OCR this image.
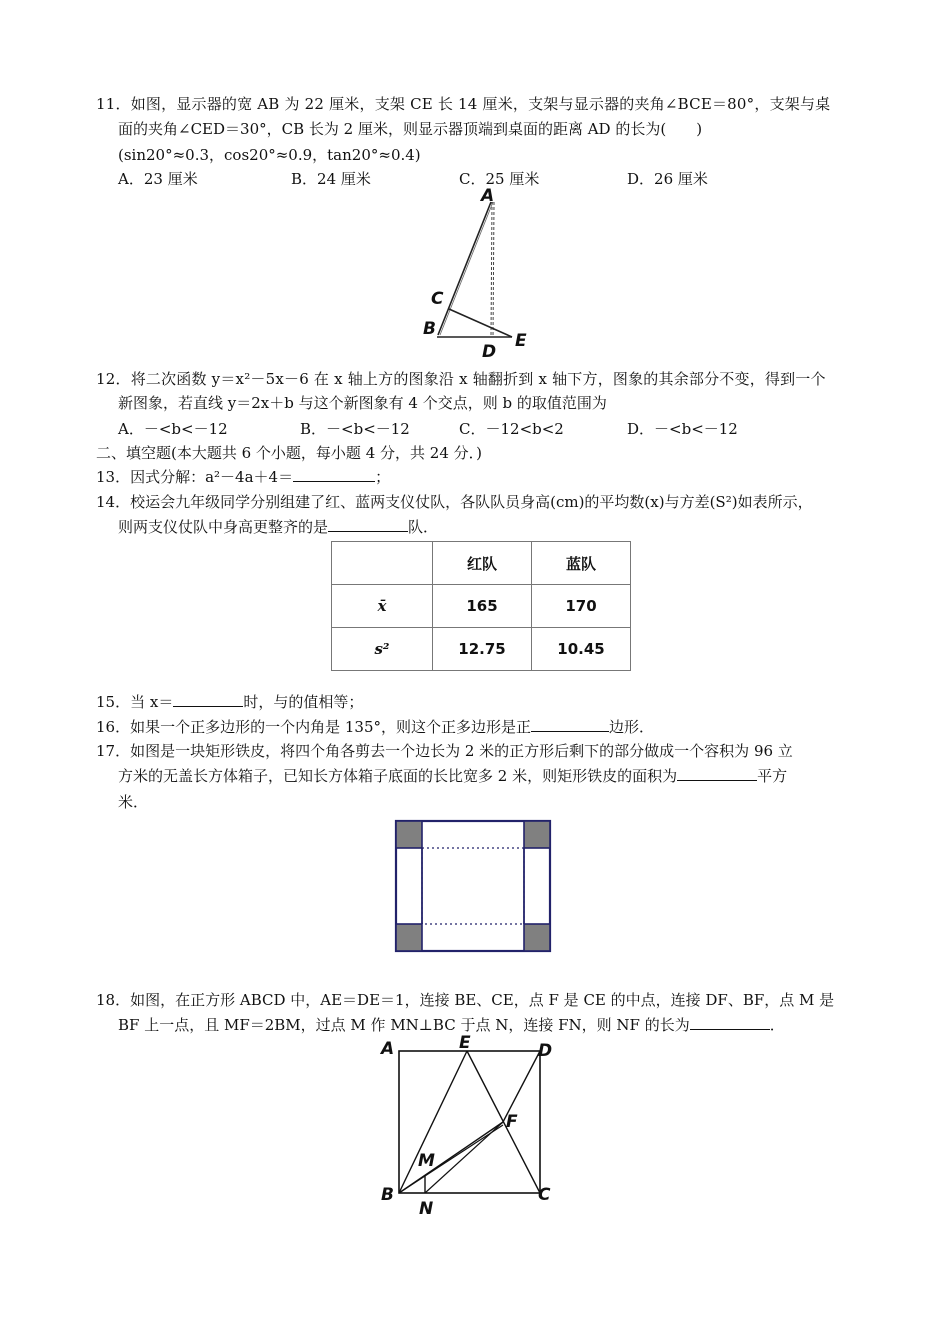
11．如图，显示器的宽 AB 为 22 厘米，支架 CE 长 14 厘米，支架与显示器的夹角∠BCE＝80°，支架与桌
面的夹角∠CED＝30°，CB 长为 2 厘米，则显示器顶端到桌面的距离 AD 的长为(　　)
(sin20°≈0.3，cos20°≈0.9，tan20°≈0.4)
A．23 厘米	B．24 厘米	C．25 厘米	D．26 厘米
A
C
B
D
E
12．将二次函数 y＝x²－5x－6 在 x 轴上方的图象沿 x 轴翻折到 x 轴下方，图象的其余部分不变，得到一个
新图象，若直线 y＝2x＋b 与这个新图象有 4 个交点，则 b 的取值范围为
A．－<b<－12	B．－<b<－12	C．－12<b<2	D．－<b<－12
二、填空题(本大题共 6 个小题，每小题 4 分，共 24 分．)
13．因式分解：a²－4a＋4＝	；
14．校运会九年级同学分别组建了红、蓝两支仪仗队，各队队员身高(cm)的平均数(x)与方差(S²)如表所示，
则两支仪仗队中身高更整齐的是	队．
	红队	蓝队
x̄	165	170
s²	12.75	10.45
15．当 x＝	时，与的值相等；
16．如果一个正多边形的一个内角是 135°，则这个正多边形是正	边形．
17．如图是一块矩形铁皮，将四个角各剪去一个边长为 2 米的正方形后剩下的部分做成一个容积为 96 立
方米的无盖长方体箱子，已知长方体箱子底面的长比宽多 2 米，则矩形铁皮的面积为	平方
米．
18．如图，在正方形 ABCD 中，AE＝DE＝1，连接 BE、CE，点 F 是 CE 的中点，连接 DF、BF，点 M 是
BF 上一点，且 MF＝2BM，过点 M 作 MN⊥BC 于点 N，连接 FN，则 NF 的长为	．
A	E	D
F
M
B	C
N
